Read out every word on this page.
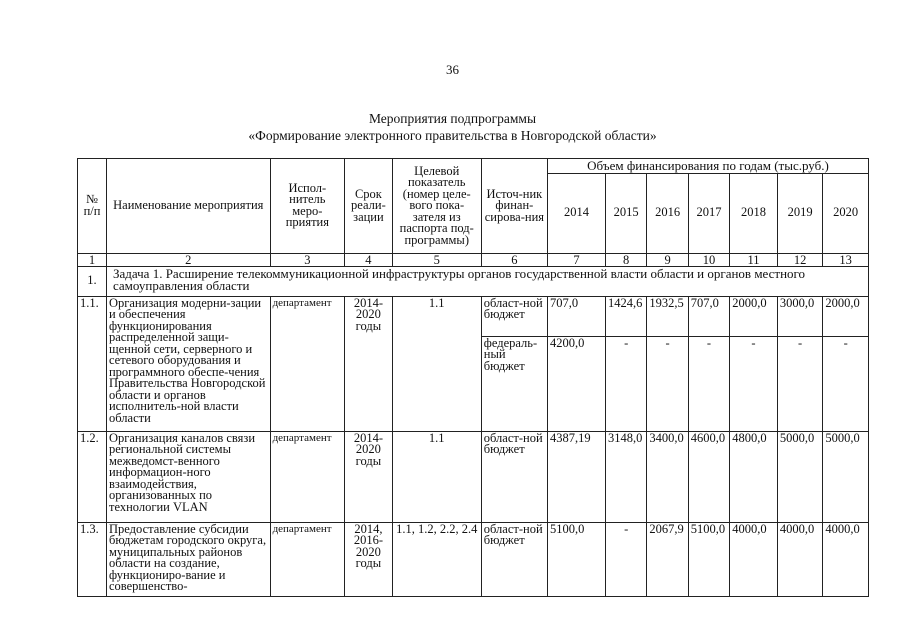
36
Мероприятия подпрограммы
«Формирование электронного правительства в Новгородской области»
№ п/п	Наименование мероприятия	Испол-нитель меро-приятия	Срок реали-зации	Целевой показатель (номер целе-вого пока-зателя из паспорта под-программы)	Источ-ник финан-сирова-ния	Объем финансирования по годам (тыс.руб.)						
						2014	2015	2016	2017	2018	2019	2020
1	2	3	4	5	6	7	8	9	10	11	12	13
1.	Задача 1. Расширение телекоммуникационной инфраструктуры органов государственной власти области и органов местного самоуправления области											
1.1.	Организация модерни-зации и обеспечения функционирования распределенной защи-щенной сети, серверного и сетевого оборудования и программного обеспе-чения Правительства Новгородской области и органов исполнитель-ной власти области	департамент	2014-2020 годы	1.1	област-ной бюджет	707,0	1424,6	1932,5	707,0	2000,0	3000,0	2000,0
					федераль-ный бюджет	4200,0	-	-	-	-	-	-
1.2.	Организация каналов связи региональной системы межведомст-венного информацион-ного взаимодействия, организованных по технологии VLAN	департамент	2014-2020 годы	1.1	област-ной бюджет	4387,19	3148,0	3400,0	4600,0	4800,0	5000,0	5000,0
1.3.	Предоставление субсидии бюджетам городского округа, муниципальных районов области на создание, функциониро-вание и совершенство-	департамент	2014, 2016-2020 годы	1.1, 1.2, 2.2, 2.4	област-ной бюджет	5100,0	-	2067,9	5100,0	4000,0	4000,0	4000,0
